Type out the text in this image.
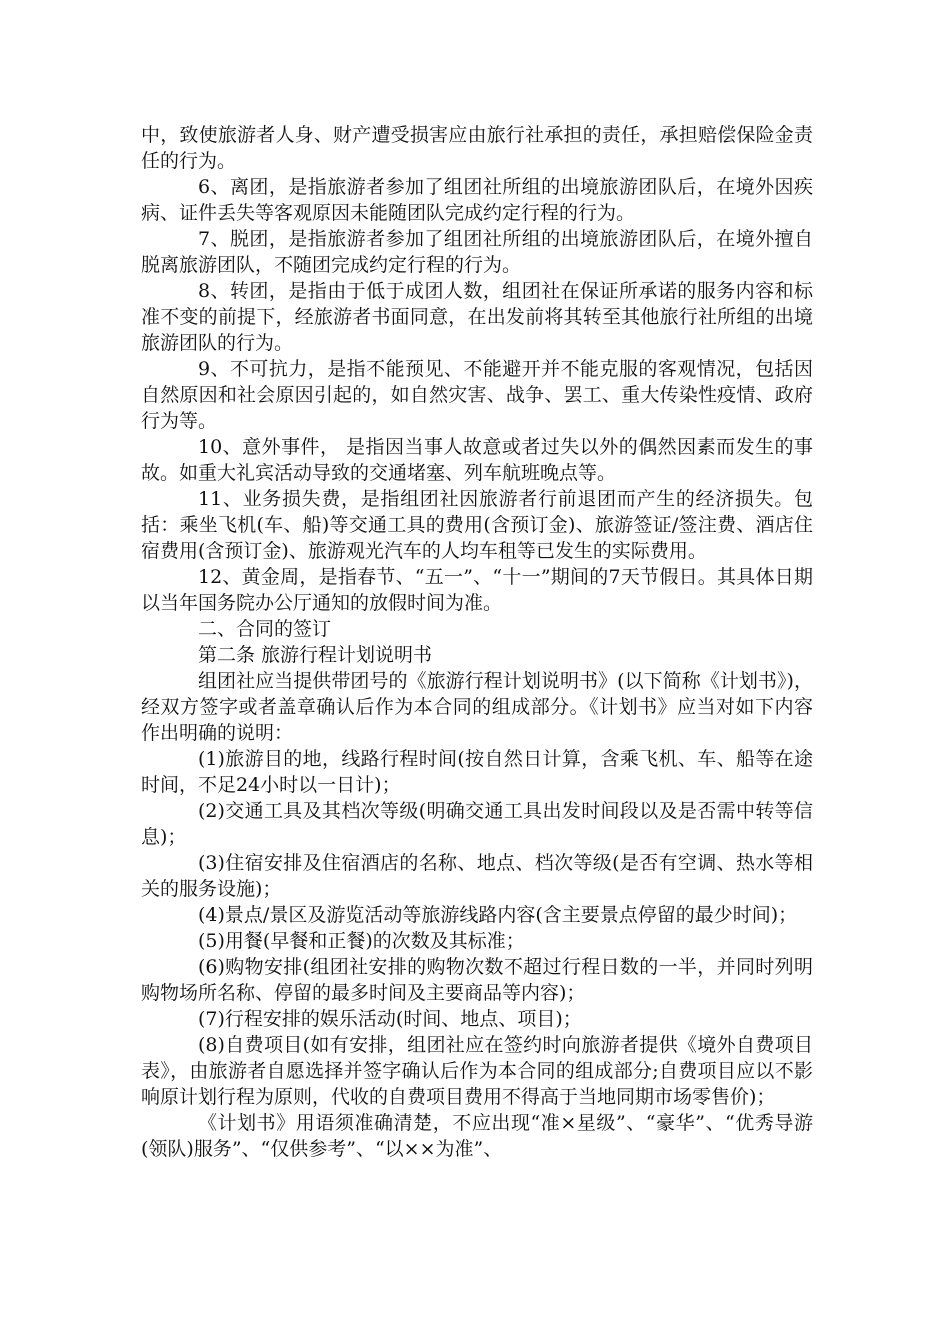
中，致使旅游者人身、财产遭受损害应由旅行社承担的责任，承担赔偿保险金责任的行为。

6、离团，是指旅游者参加了组团社所组的出境旅游团队后，在境外因疾病、证件丢失等客观原因未能随团队完成约定行程的行为。

7、脱团，是指旅游者参加了组团社所组的出境旅游团队后，在境外擅自脱离旅游团队，不随团完成约定行程的行为。

8、转团，是指由于低于成团人数，组团社在保证所承诺的服务内容和标准不变的前提下，经旅游者书面同意，在出发前将其转至其他旅行社所组的出境旅游团队的行为。

9、不可抗力，是指不能预见、不能避开并不能克服的客观情况，包括因自然原因和社会原因引起的，如自然灾害、战争、罢工、重大传染性疫情、政府行为等。

10、意外事件， 是指因当事人故意或者过失以外的偶然因素而发生的事故。如重大礼宾活动导致的交通堵塞、列车航班晚点等。

11、业务损失费，是指组团社因旅游者行前退团而产生的经济损失。包括：乘坐飞机(车、船)等交通工具的费用(含预订金)、旅游签证/签注费、酒店住宿费用(含预订金)、旅游观光汽车的人均车租等已发生的实际费用。

12、黄金周，是指春节、“五一”、“十一”期间的7天节假日。其具体日期以当年国务院办公厅通知的放假时间为准。

二、合同的签订

第二条 旅游行程计划说明书

组团社应当提供带团号的《旅游行程计划说明书》(以下简称《计划书》)，经双方签字或者盖章确认后作为本合同的组成部分。《计划书》应当对如下内容作出明确的说明：

(1)旅游目的地，线路行程时间(按自然日计算，含乘飞机、车、船等在途时间，不足24小时以一日计)；

(2)交通工具及其档次等级(明确交通工具出发时间段以及是否需中转等信息)；

(3)住宿安排及住宿酒店的名称、地点、档次等级(是否有空调、热水等相关的服务设施)；

(4)景点/景区及游览活动等旅游线路内容(含主要景点停留的最少时间)；

(5)用餐(早餐和正餐)的次数及其标准；

(6)购物安排(组团社安排的购物次数不超过行程日数的一半，并同时列明购物场所名称、停留的最多时间及主要商品等内容)；

(7)行程安排的娱乐活动(时间、地点、项目)；

(8)自费项目(如有安排，组团社应在签约时向旅游者提供《境外自费项目表》，由旅游者自愿选择并签字确认后作为本合同的组成部分;自费项目应以不影响原计划行程为原则，代收的自费项目费用不得高于当地同期市场零售价)；

《计划书》用语须准确清楚，不应出现“准×星级”、“豪华”、“优秀导游(领队)服务”、“仅供参考”、“以××为准”、
